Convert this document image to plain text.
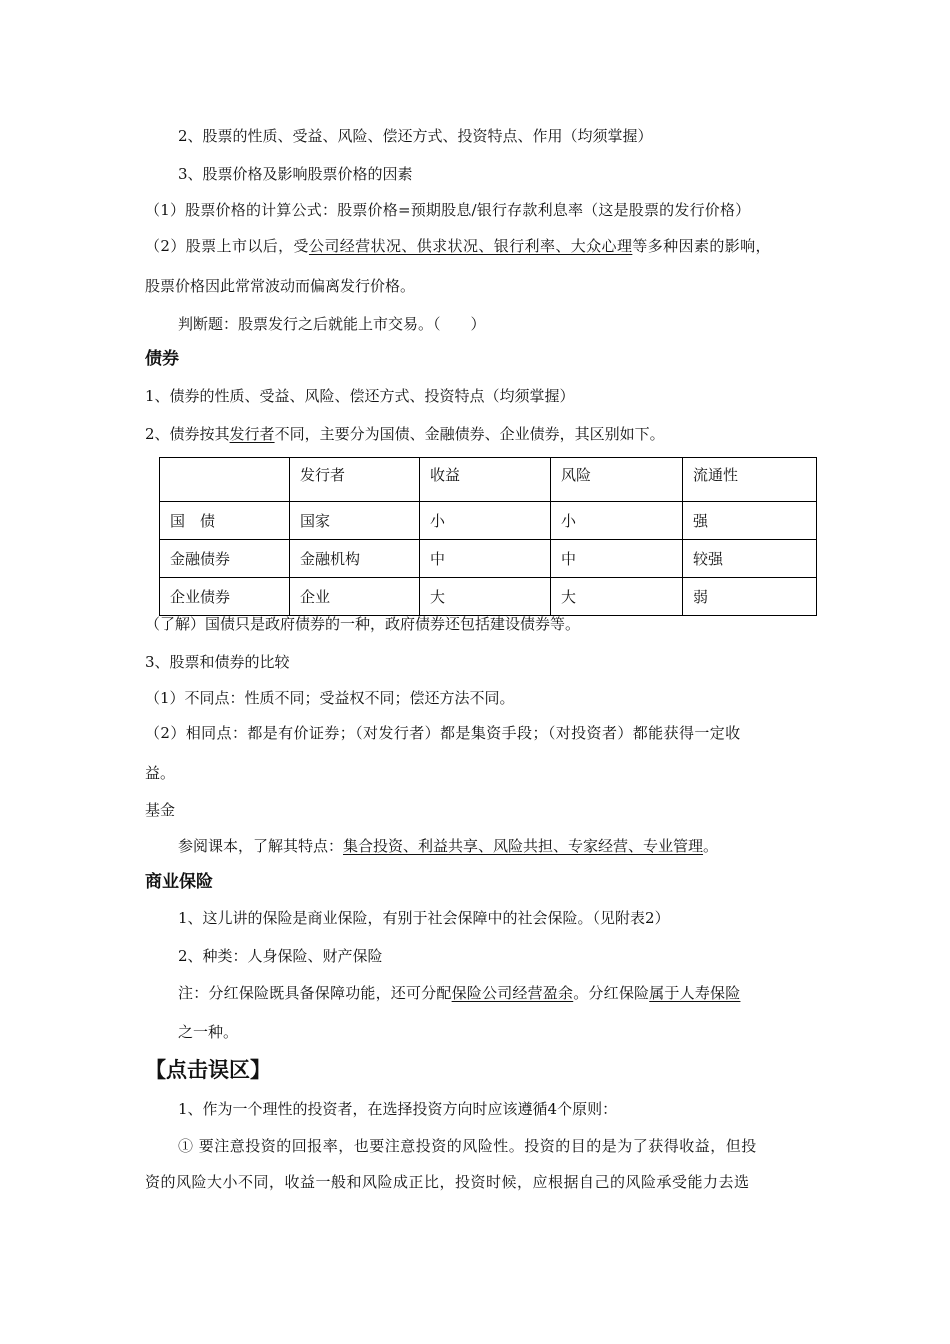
2、股票的性质、受益、风险、偿还方式、投资特点、作用（均须掌握）
3、股票价格及影响股票价格的因素
（1）股票价格的计算公式：股票价格=预期股息/银行存款利息率（这是股票的发行价格）
（2）股票上市以后，受公司经营状况、供求状况、银行利率、大众心理等多种因素的影响，
股票价格因此常常波动而偏离发行价格。
判断题：股票发行之后就能上市交易。（　　）
债券
1、债券的性质、受益、风险、偿还方式、投资特点（均须掌握）
2、债券按其发行者不同，主要分为国债、金融债券、企业债券，其区别如下。
	发行者	收益	风险	流通性
国　债	国家	小	小	强
金融债券	金融机构	中	中	较强
企业债券	企业	大	大	弱
（了解）国债只是政府债券的一种，政府债券还包括建设债券等。
3、股票和债券的比较
（1）不同点：性质不同；受益权不同；偿还方法不同。
（2）相同点：都是有价证券；（对发行者）都是集资手段；（对投资者）都能获得一定收
益。
基金
参阅课本，了解其特点：集合投资、利益共享、风险共担、专家经营、专业管理。
商业保险
1、这儿讲的保险是商业保险，有别于社会保障中的社会保险。（见附表2）
2、种类：人身保险、财产保险
注：分红保险既具备保障功能，还可分配保险公司经营盈余。分红保险属于人寿保险
之一种。
【点击误区】
1、作为一个理性的投资者，在选择投资方向时应该遵循4个原则：
① 要注意投资的回报率，也要注意投资的风险性。投资的目的是为了获得收益，但投
资的风险大小不同，收益一般和风险成正比，投资时候，应根据自己的风险承受能力去选
